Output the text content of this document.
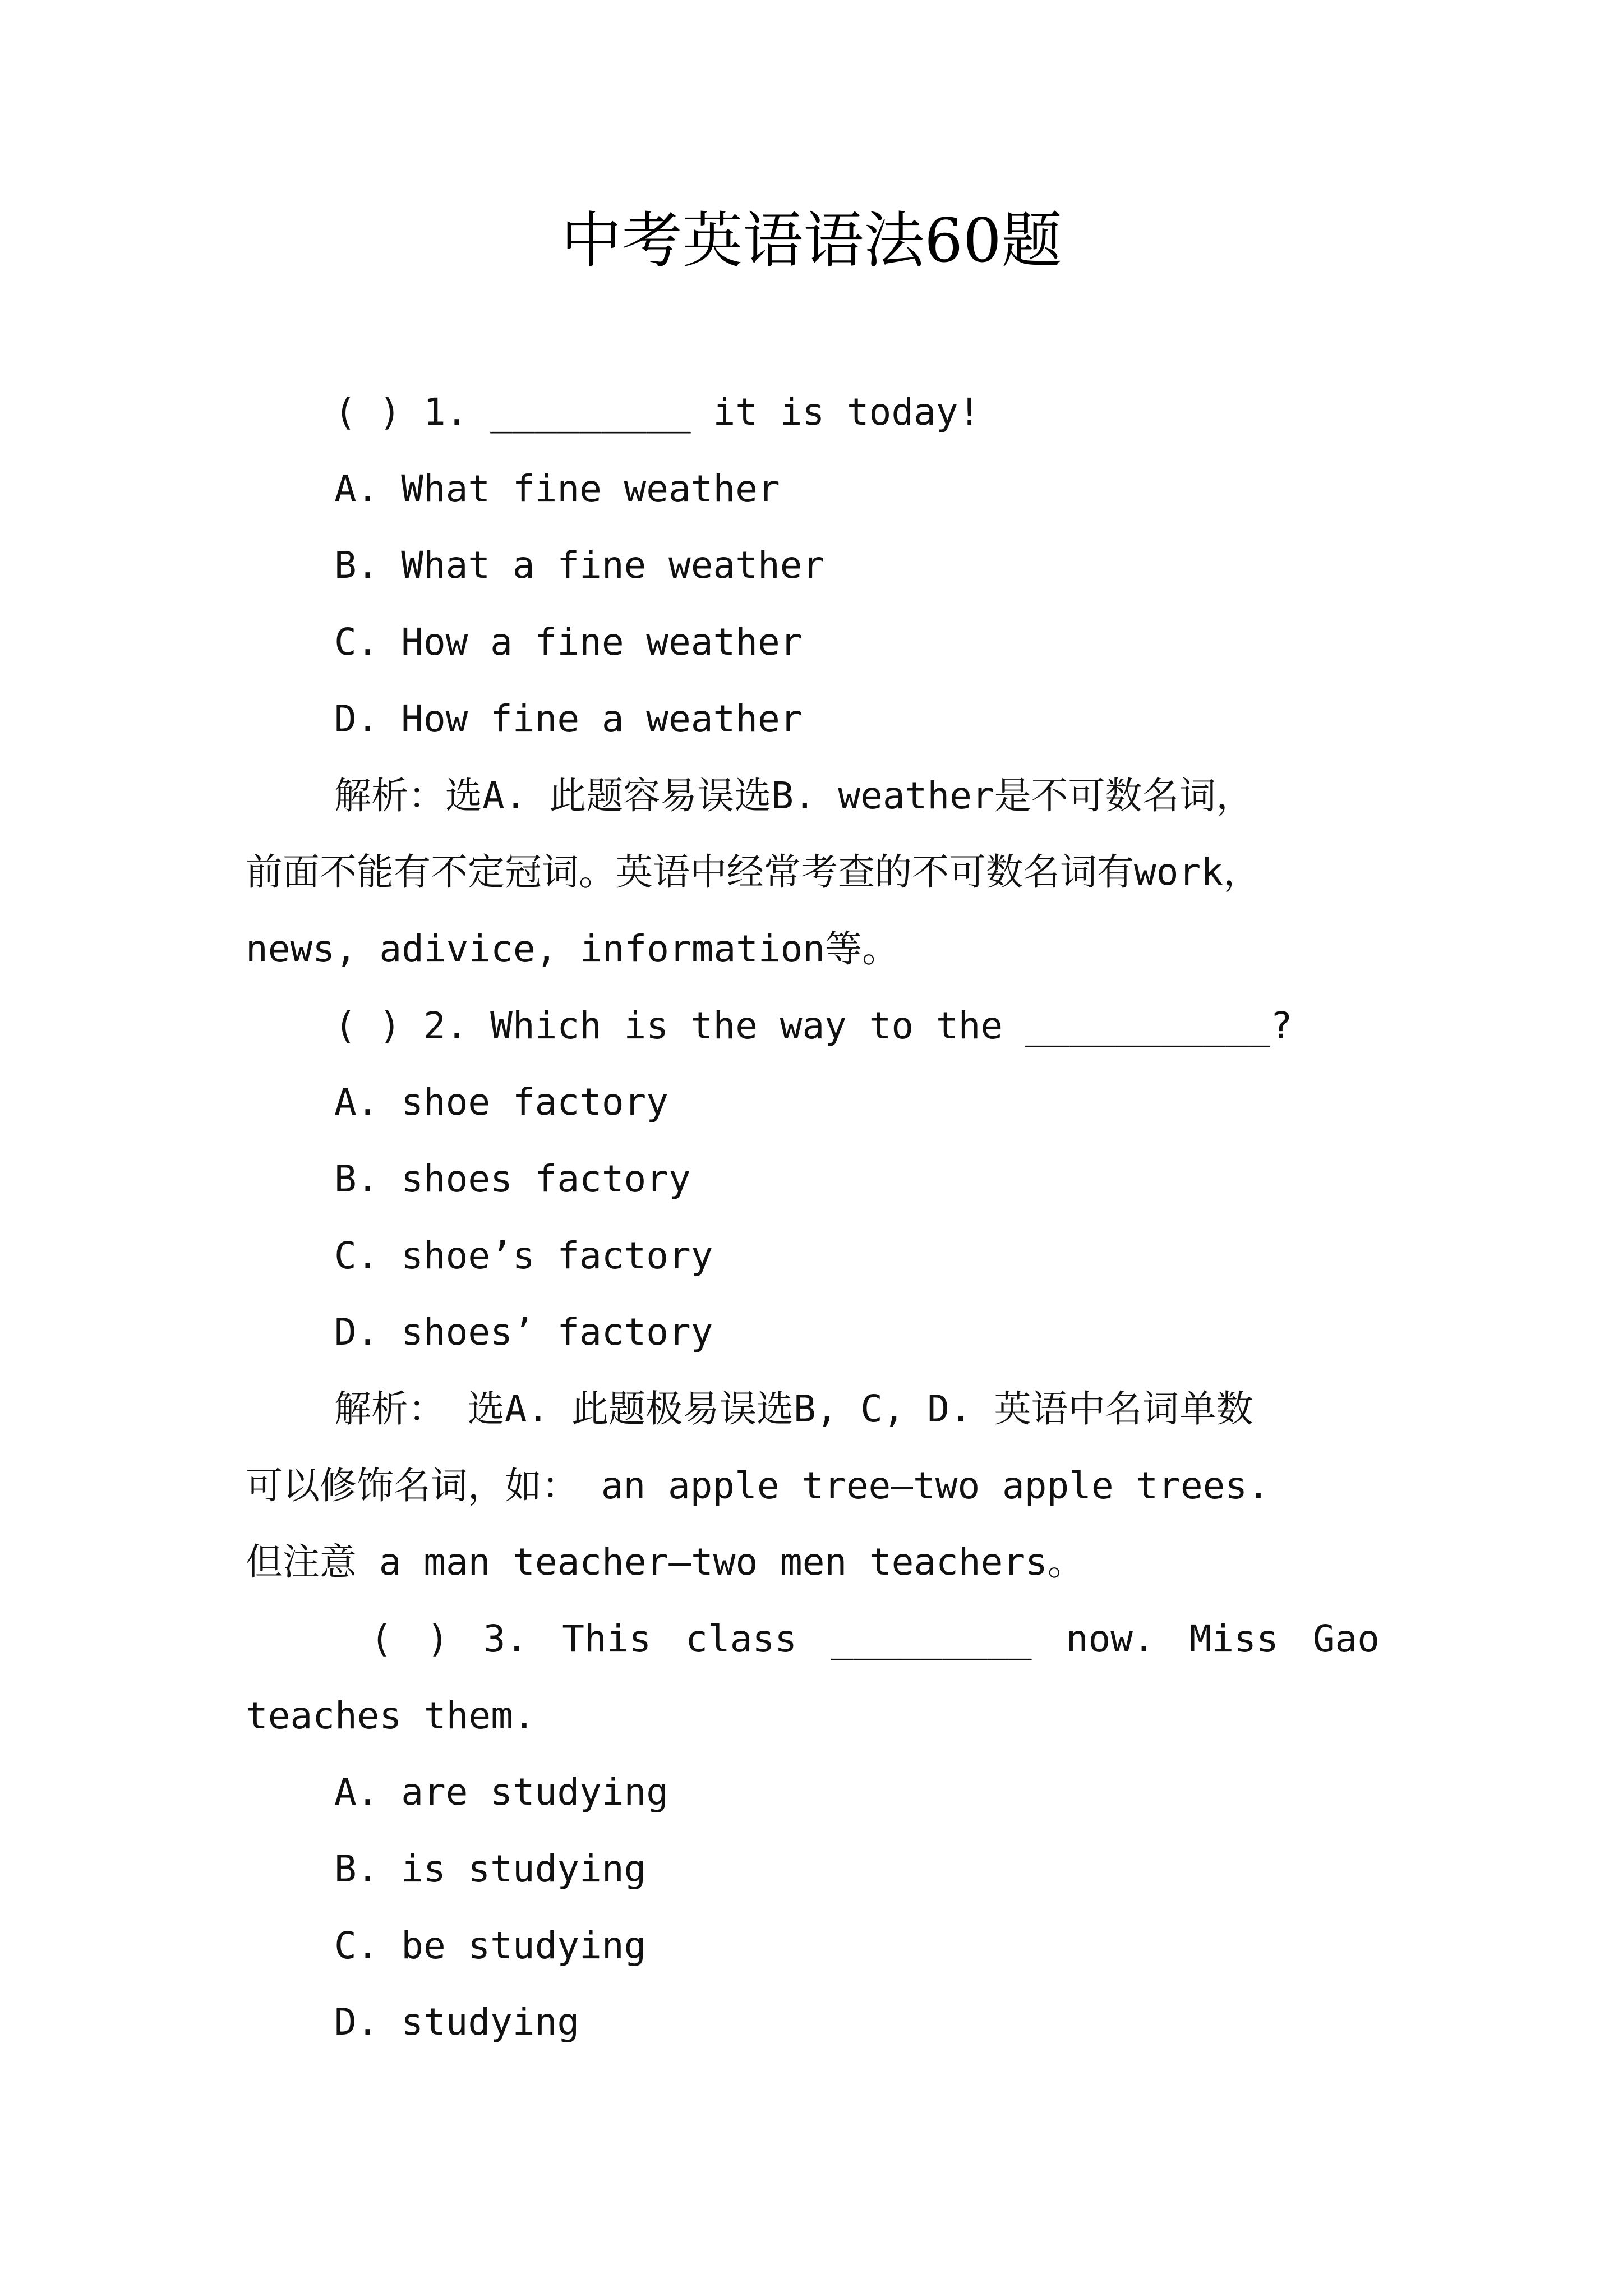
中考英语语法60题
( ) 1. _________ it is today!
A. What fine weather
B. What a fine weather
C. How a fine weather
D. How fine a weather
解析：选A. 此题容易误选B. weather是不可数名词，
前面不能有不定冠词。英语中经常考查的不可数名词有work，
news, adivice, information等。
( ) 2. Which is the way to the ___________?
A. shoe factory
B. shoes factory
C. shoe’s factory
D. shoes’ factory
解析： 选A. 此题极易误选B, C, D. 英语中名词单数
可以修饰名词，如： an apple tree—two apple trees.
但注意 a man teacher—two men teachers。
( ) 3. This class _________ now. Miss Gao
teaches them.
A. are studying
B. is studying
C. be studying
D. studying
